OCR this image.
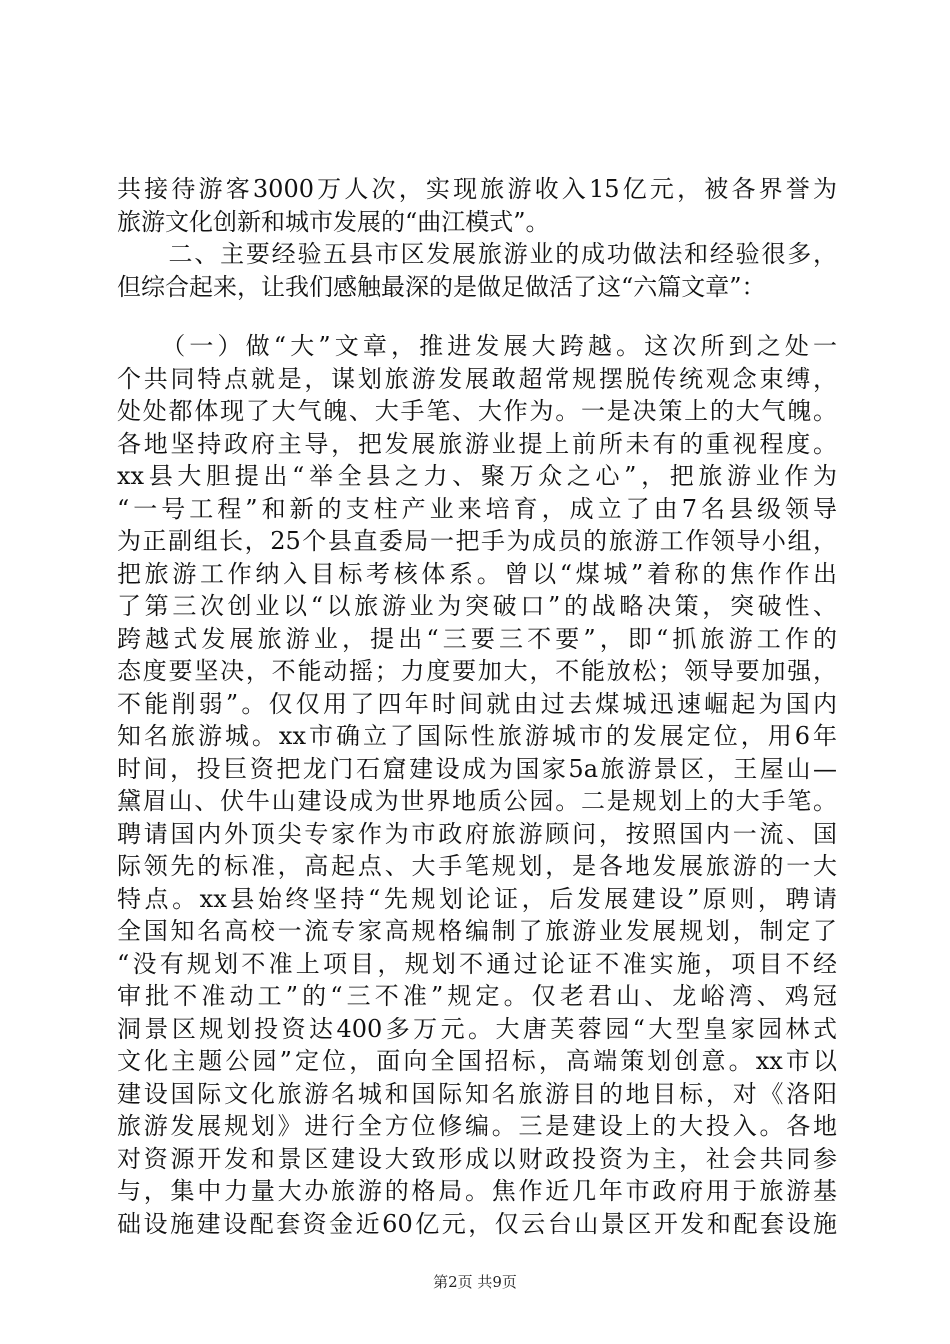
共接待游客3000万人次，实现旅游收入15亿元，被各界誉为
旅游文化创新和城市发展的“曲江模式”。
　　二、主要经验五县市区发展旅游业的成功做法和经验很多，
但综合起来，让我们感触最深的是做足做活了这“六篇文章”：
　　（一）做“大”文章，推进发展大跨越。这次所到之处一
个共同特点就是，谋划旅游发展敢超常规摆脱传统观念束缚，
处处都体现了大气魄、大手笔、大作为。一是决策上的大气魄。
各地坚持政府主导，把发展旅游业提上前所未有的重视程度。
xx县大胆提出“举全县之力、聚万众之心”，把旅游业作为
“一号工程”和新的支柱产业来培育，成立了由7名县级领导
为正副组长，25个县直委局一把手为成员的旅游工作领导小组，
把旅游工作纳入目标考核体系。曾以“煤城”着称的焦作作出
了第三次创业以“以旅游业为突破口”的战略决策，突破性、
跨越式发展旅游业，提出“三要三不要”，即“抓旅游工作的
态度要坚决，不能动摇；力度要加大，不能放松；领导要加强，
不能削弱”。仅仅用了四年时间就由过去煤城迅速崛起为国内
知名旅游城。xx市确立了国际性旅游城市的发展定位，用6年
时间，投巨资把龙门石窟建设成为国家5a旅游景区，王屋山—
黛眉山、伏牛山建设成为世界地质公园。二是规划上的大手笔。
聘请国内外顶尖专家作为市政府旅游顾问，按照国内一流、国
际领先的标准，高起点、大手笔规划，是各地发展旅游的一大
特点。xx县始终坚持“先规划论证，后发展建设”原则，聘请
全国知名高校一流专家高规格编制了旅游业发展规划，制定了
“没有规划不准上项目，规划不通过论证不准实施，项目不经
审批不准动工”的“三不准”规定。仅老君山、龙峪湾、鸡冠
洞景区规划投资达400多万元。大唐芙蓉园“大型皇家园林式
文化主题公园”定位，面向全国招标，高端策划创意。xx市以
建设国际文化旅游名城和国际知名旅游目的地目标，对《洛阳
旅游发展规划》进行全方位修编。三是建设上的大投入。各地
对资源开发和景区建设大致形成以财政投资为主，社会共同参
与，集中力量大办旅游的格局。焦作近几年市政府用于旅游基
础设施建设配套资金近60亿元，仅云台山景区开发和配套设施
第2页 共9页
